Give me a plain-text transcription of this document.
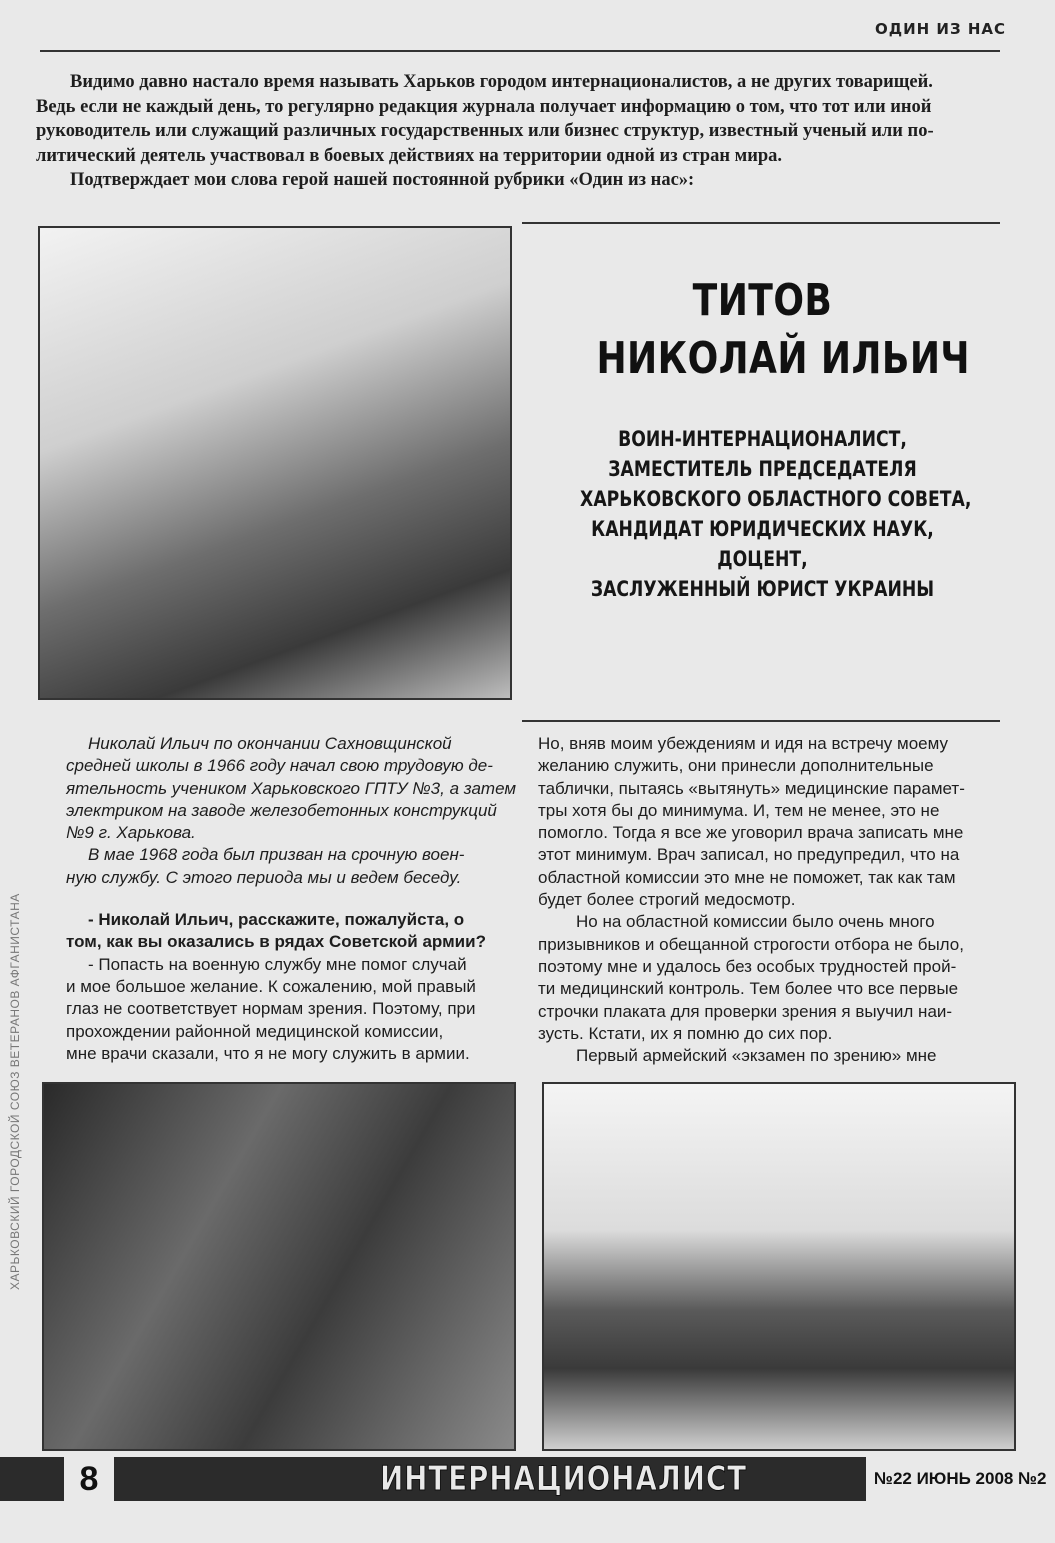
ОДИН ИЗ НАС

Видимо давно настало время называть Харьков городом интернационалистов, а не других товарищей.

Ведь если не каждый день, то регулярно редакция журнала получает информацию о том, что тот или иной

руководитель или служащий различных государственных или бизнес структур, известный ученый или по-

литический деятель участвовал в боевых действиях на территории одной из стран мира.

Подтверждает мои слова герой нашей постоянной рубрики «Один из нас»:

ТИТОВ
НИКОЛАЙ ИЛЬИЧ
ВОИН-ИНТЕРНАЦИОНАЛИСТ,
ЗАМЕСТИТЕЛЬ ПРЕДСЕДАТЕЛЯ
ХАРЬКОВСКОГО ОБЛАСТНОГО СОВЕТА,
КАНДИДАТ ЮРИДИЧЕСКИХ НАУК,
ДОЦЕНТ,
ЗАСЛУЖЕННЫЙ ЮРИСТ УКРАИНЫ

Николай Ильич по окончании Сахновщинской

средней школы в 1966 году начал свою трудовую де-

ятельность учеником Харьковского ГПТУ №3, а затем

электриком на заводе железобетонных конструкций

№9 г. Харькова.

В мае 1968 года был призван на срочную воен-

ную службу. С этого периода мы и ведем беседу.

- Николай Ильич, расскажите, пожалуйста, о

том, как вы оказались в рядах Советской армии?

- Попасть на военную службу мне помог случай

и мое большое желание. К сожалению, мой правый

глаз не соответствует нормам зрения. Поэтому, при

прохождении районной медицинской комиссии,

мне врачи сказали, что я не могу служить в армии.

Но, вняв моим убеждениям и идя на встречу моему

желанию служить, они принесли дополнительные

таблички, пытаясь «вытянуть» медицинские парамет-

тры хотя бы до минимума. И, тем не менее, это не

помогло. Тогда я все же уговорил врача записать мне

этот минимум. Врач записал, но предупредил, что на

областной комиссии это мне не поможет, так как там

будет более строгий медосмотр.

Но на областной комиссии было очень много

призывников и обещанной строгости отбора не было,

поэтому мне и удалось без особых трудностей прой-

ти медицинский контроль. Тем более что все первые

строчки плаката для проверки зрения я выучил наи-

зусть. Кстати, их я помню до сих пор.

Первый армейский «экзамен по зрению» мне

ХАРЬКОВСКИЙ ГОРОДСКОЙ СОЮЗ ВЕТЕРАНОВ АФГАНИСТАНА
8	ИНТЕРНАЦИОНАЛИСТ	№22 ИЮНЬ 2008 №2
